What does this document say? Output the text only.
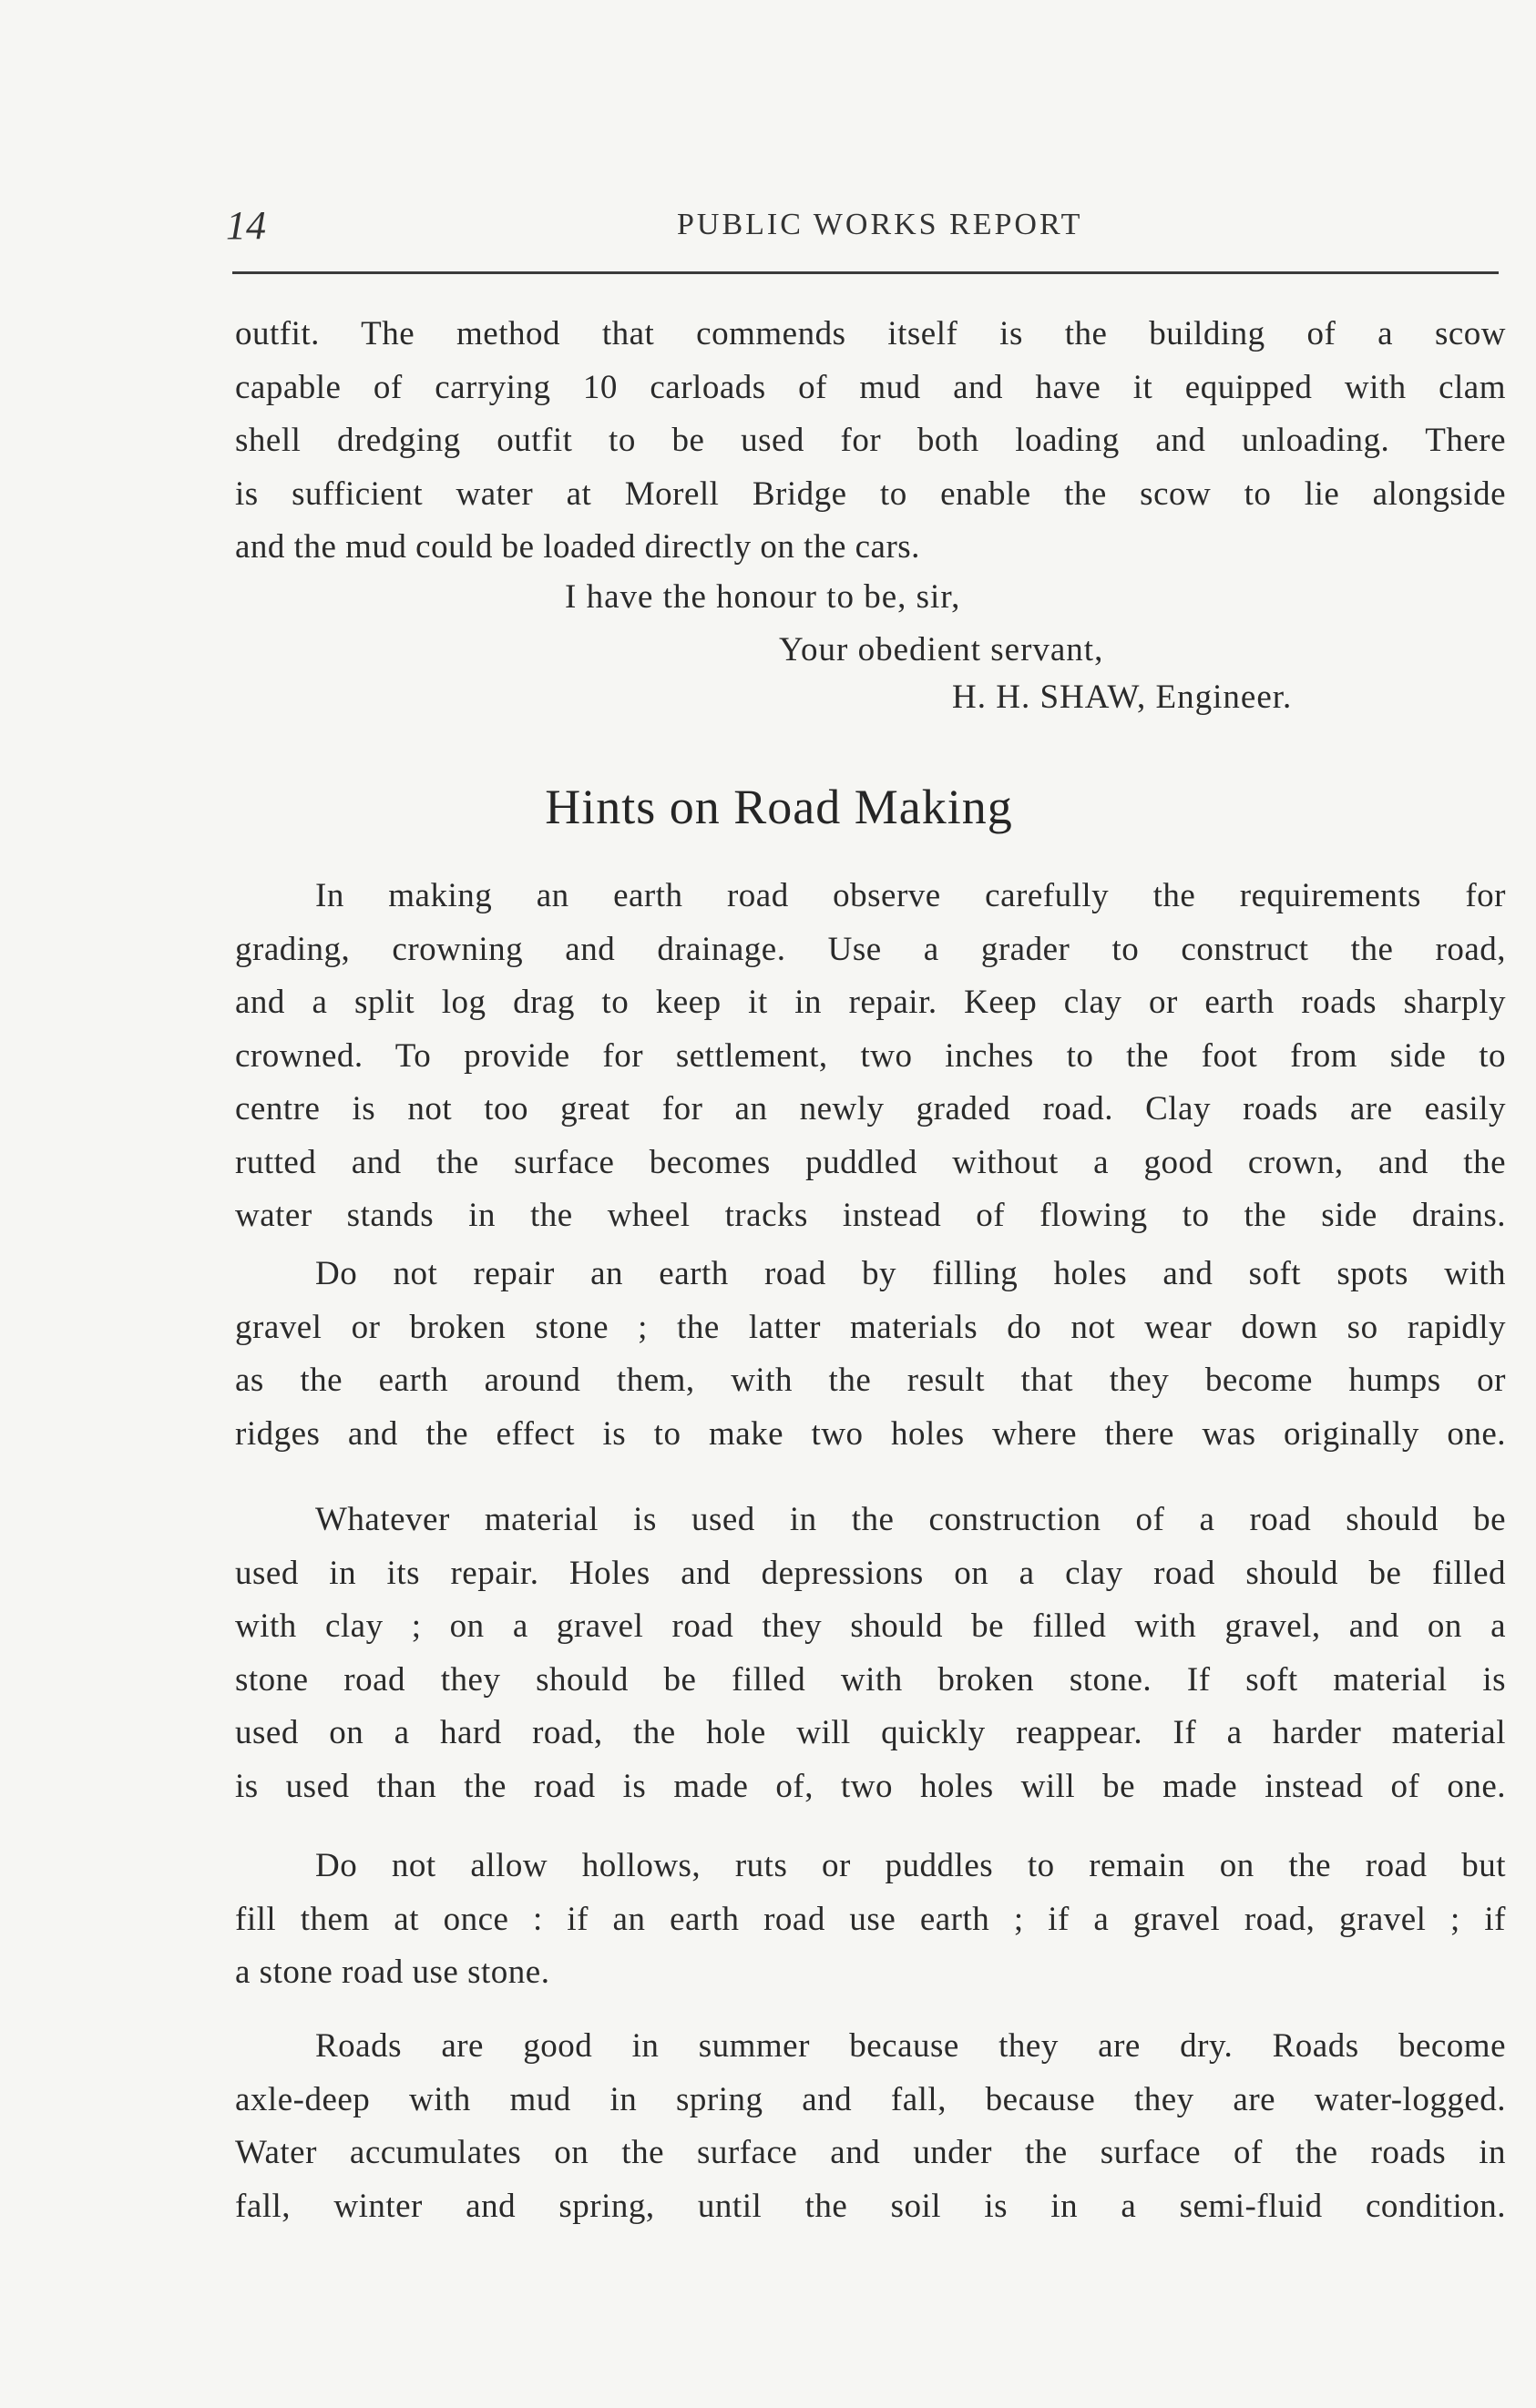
14	PUBLIC WORKS REPORT
outfit. The method that commends itself is the building of a scow
capable of carrying 10 carloads of mud and have it equipped with clam
shell dredging outfit to be used for both loading and unloading. There
is sufficient water at Morell Bridge to enable the scow to lie alongside
and the mud could be loaded directly on the cars.
I have the honour to be, sir,
Your obedient servant,
H. H. SHAW, Engineer.
Hints on Road Making
In making an earth road observe carefully the requirements for
grading, crowning and drainage. Use a grader to construct the road,
and a split log drag to keep it in repair. Keep clay or earth roads sharply
crowned. To provide for settlement, two inches to the foot from side to
centre is not too great for an newly graded road. Clay roads are easily
rutted and the surface becomes puddled without a good crown, and the
water stands in the wheel tracks instead of flowing to the side drains.
Do not repair an earth road by filling holes and soft spots with
gravel or broken stone ; the latter materials do not wear down so rapidly
as the earth around them, with the result that they become humps or
ridges and the effect is to make two holes where there was originally one.
Whatever material is used in the construction of a road should be
used in its repair. Holes and depressions on a clay road should be filled
with clay ; on a gravel road they should be filled with gravel, and on a
stone road they should be filled with broken stone. If soft material is
used on a hard road, the hole will quickly reappear. If a harder material
is used than the road is made of, two holes will be made instead of one.
Do not allow hollows, ruts or puddles to remain on the road but
fill them at once : if an earth road use earth ; if a gravel road, gravel ; if
a stone road use stone.
Roads are good in summer because they are dry. Roads become
axle-deep with mud in spring and fall, because they are water-logged.
Water accumulates on the surface and under the surface of the roads in
fall, winter and spring, until the soil is in a semi-fluid condition.
